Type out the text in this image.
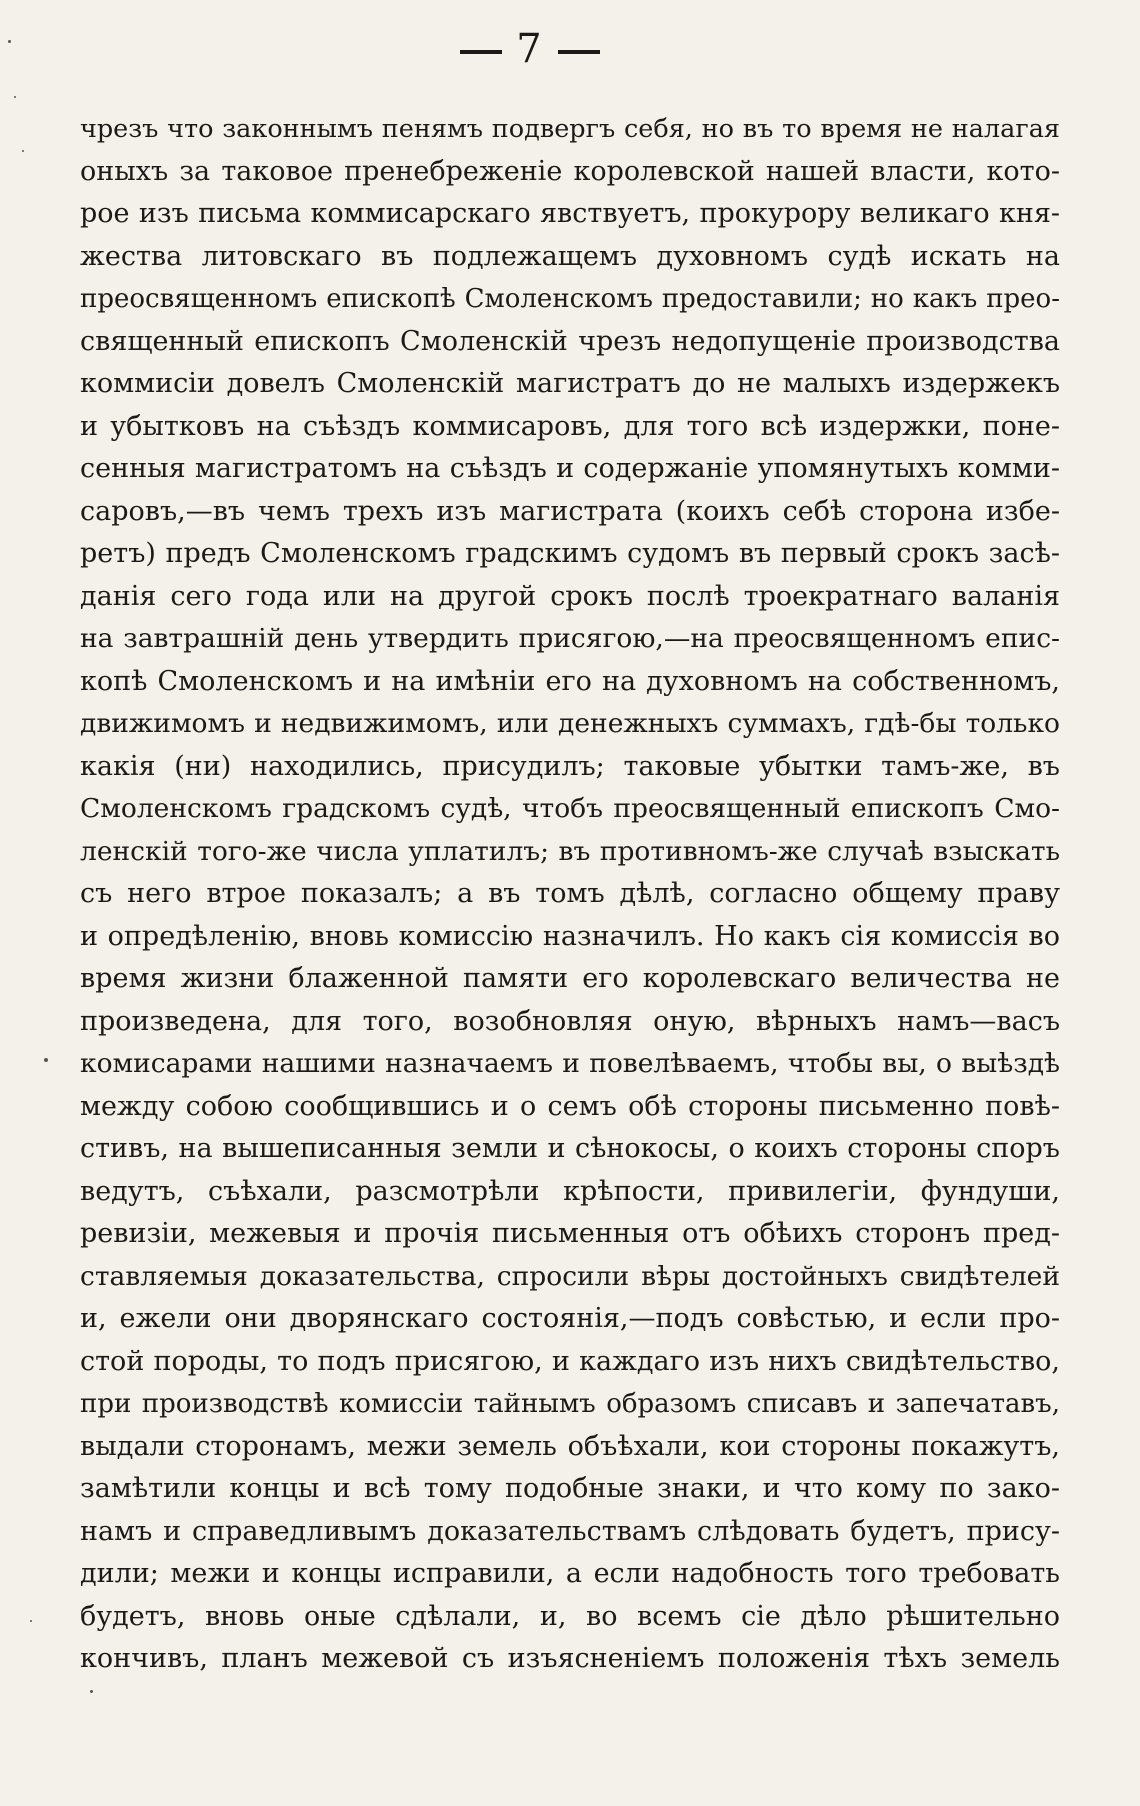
7
чрезъ что законнымъ пенямъ подвергъ себя, но въ то время не налагая
оныхъ за таковое пренебреженіе королевской нашей власти, кото-
рое изъ письма коммисарскаго явствуетъ, прокурору великаго кня-
жества литовскаго въ подлежащемъ духовномъ судѣ искать на
преосвященномъ епископѣ Смоленскомъ предоставили; но какъ прео-
священный епископъ Смоленскій чрезъ недопущеніе производства
коммисіи довелъ Смоленскій магистратъ до не малыхъ издержекъ
и убытковъ на съѣздъ коммисаровъ, для того всѣ издержки, поне-
сенныя магистратомъ на съѣздъ и содержаніе упомянутыхъ комми-
саровъ,—въ чемъ трехъ изъ магистрата (коихъ себѣ сторона избе-
ретъ) предъ Смоленскомъ градскимъ судомъ въ первый срокъ засѣ-
данія сего года или на другой срокъ послѣ троекратнаго валанія
на завтрашній день утвердить присягою,—на преосвященномъ епис-
копѣ Смоленскомъ и на имѣніи его на духовномъ на собственномъ,
движимомъ и недвижимомъ, или денежныхъ суммахъ, гдѣ-бы только
какія (ни) находились, присудилъ; таковые убытки тамъ-же, въ
Смоленскомъ градскомъ судѣ, чтобъ преосвященный епископъ Смо-
ленскій того-же числа уплатилъ; въ противномъ-же случаѣ взыскать
съ него втрое показалъ; а въ томъ дѣлѣ, согласно общему праву
и опредѣленію, вновь комиссію назначилъ. Но какъ сія комиссія во
время жизни блаженной памяти его королевскаго величества не
произведена, для того, возобновляя оную, вѣрныхъ намъ—васъ
комисарами нашими назначаемъ и повелѣваемъ, чтобы вы, о выѣздѣ
между собою сообщившись и о семъ обѣ стороны письменно повѣ-
стивъ, на вышеписанныя земли и сѣнокосы, о коихъ стороны споръ
ведутъ, съѣхали, разсмотрѣли крѣпости, привилегіи, фундуши,
ревизіи, межевыя и прочія письменныя отъ обѣихъ сторонъ пред-
ставляемыя доказательства, спросили вѣры достойныхъ свидѣтелей
и, ежели они дворянскаго состоянія,—подъ совѣстью, и если про-
стой породы, то подъ присягою, и каждаго изъ нихъ свидѣтельство,
при производствѣ комиссіи тайнымъ образомъ списавъ и запечатавъ,
выдали сторонамъ, межи земель объѣхали, кои стороны покажутъ,
замѣтили концы и всѣ тому подобные знаки, и что кому по зако-
намъ и справедливымъ доказательствамъ слѣдовать будетъ, прису-
дили; межи и концы исправили, а если надобность того требовать
будетъ, вновь оные сдѣлали, и, во всемъ сіе дѣло рѣшительно
кончивъ, планъ межевой съ изъясненіемъ положенія тѣхъ земель
